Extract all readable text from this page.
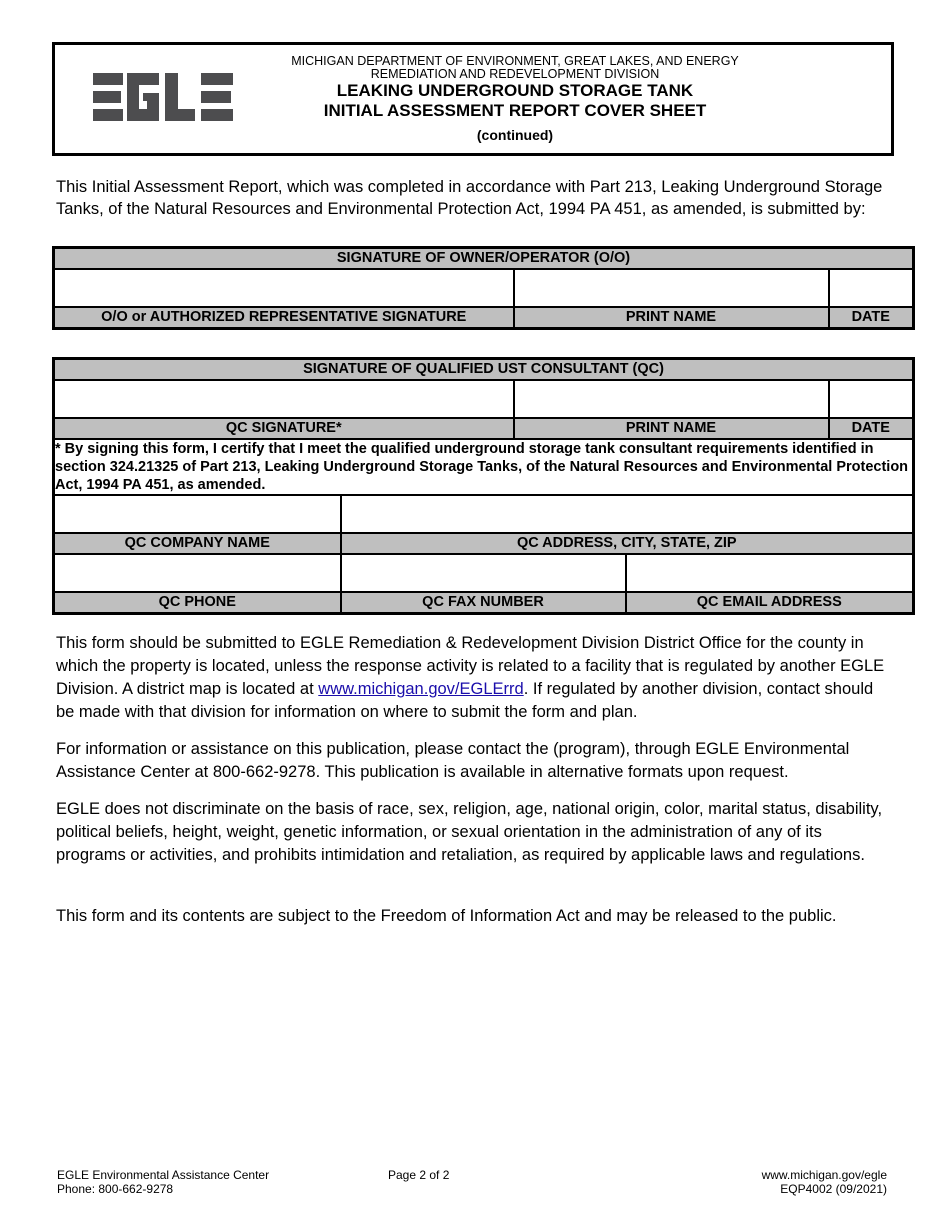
MICHIGAN DEPARTMENT OF ENVIRONMENT, GREAT LAKES, AND ENERGY
REMEDIATION AND REDEVELOPMENT DIVISION
LEAKING UNDERGROUND STORAGE TANK
INITIAL ASSESSMENT REPORT COVER SHEET
(continued)
This Initial Assessment Report, which was completed in accordance with Part 213, Leaking Underground Storage Tanks, of the Natural Resources and Environmental Protection Act, 1994 PA 451, as amended, is submitted by:
SIGNATURE OF OWNER/OPERATOR (O/O)		

O/O or AUTHORIZED REPRESENTATIVE SIGNATURE	PRINT NAME	DATE
SIGNATURE OF QUALIFIED UST CONSULTANT (QC)				

QC SIGNATURE*		PRINT NAME		DATE
* By signing this form, I certify that I meet the qualified underground storage tank consultant requirements identified in section 324.21325 of Part 213, Leaking Underground Storage Tanks, of the Natural Resources and Environmental Protection Act, 1994 PA 451, as amended.				

QC COMPANY NAME	QC ADDRESS, CITY, STATE, ZIP			

QC PHONE	QC FAX NUMBER		QC EMAIL ADDRESS	
This form should be submitted to EGLE Remediation & Redevelopment Division District Office for the county in which the property is located, unless the response activity is related to a facility that is regulated by another EGLE Division. A district map is located at www.michigan.gov/EGLErrd. If regulated by another division, contact should be made with that division for information on where to submit the form and plan.
For information or assistance on this publication, please contact the (program), through EGLE Environmental Assistance Center at 800-662-9278. This publication is available in alternative formats upon request.
EGLE does not discriminate on the basis of race, sex, religion, age, national origin, color, marital status, disability, political beliefs, height, weight, genetic information, or sexual orientation in the administration of any of its programs or activities, and prohibits intimidation and retaliation, as required by applicable laws and regulations.
This form and its contents are subject to the Freedom of Information Act and may be released to the public.
EGLE Environmental Assistance Center
Phone: 800-662-9278
Page 2 of 2	www.michigan.gov/egle
EQP4002 (09/2021)
